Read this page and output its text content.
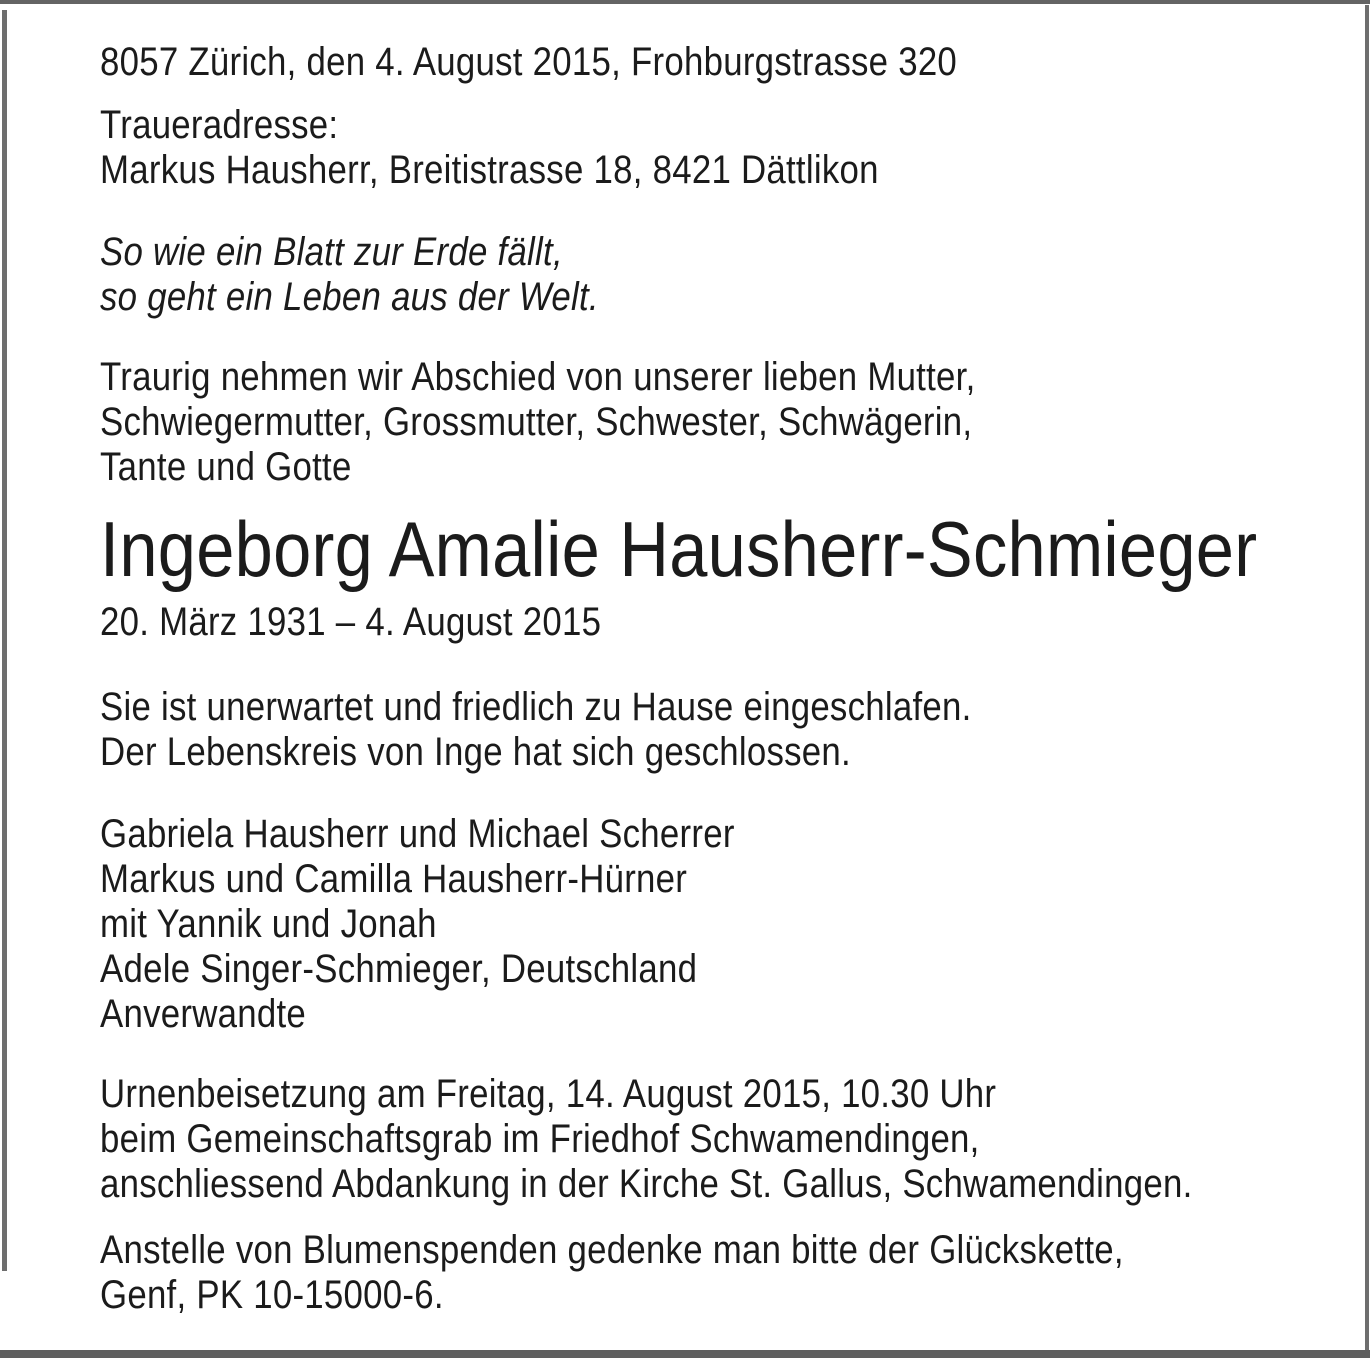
8057 Zürich, den 4. August 2015, Frohburgstrasse 320
Traueradresse:
Markus Hausherr, Breitistrasse 18, 8421 Dättlikon
So wie ein Blatt zur Erde fällt,
so geht ein Leben aus der Welt.
Traurig nehmen wir Abschied von unserer lieben Mutter,
Schwiegermutter, Grossmutter, Schwester, Schwägerin,
Tante und Gotte
Ingeborg Amalie Hausherr-Schmieger
20. März 1931 – 4. August 2015
Sie ist unerwartet und friedlich zu Hause eingeschlafen.
Der Lebenskreis von Inge hat sich geschlossen.
Gabriela Hausherr und Michael Scherrer
Markus und Camilla Hausherr-Hürner
mit Yannik und Jonah
Adele Singer-Schmieger, Deutschland
Anverwandte
Urnenbeisetzung am Freitag, 14. August 2015, 10.30 Uhr
beim Gemeinschaftsgrab im Friedhof Schwamendingen,
anschliessend Abdankung in der Kirche St. Gallus, Schwamendingen.
Anstelle von Blumenspenden gedenke man bitte der Glückskette,
Genf, PK 10-15000-6.
